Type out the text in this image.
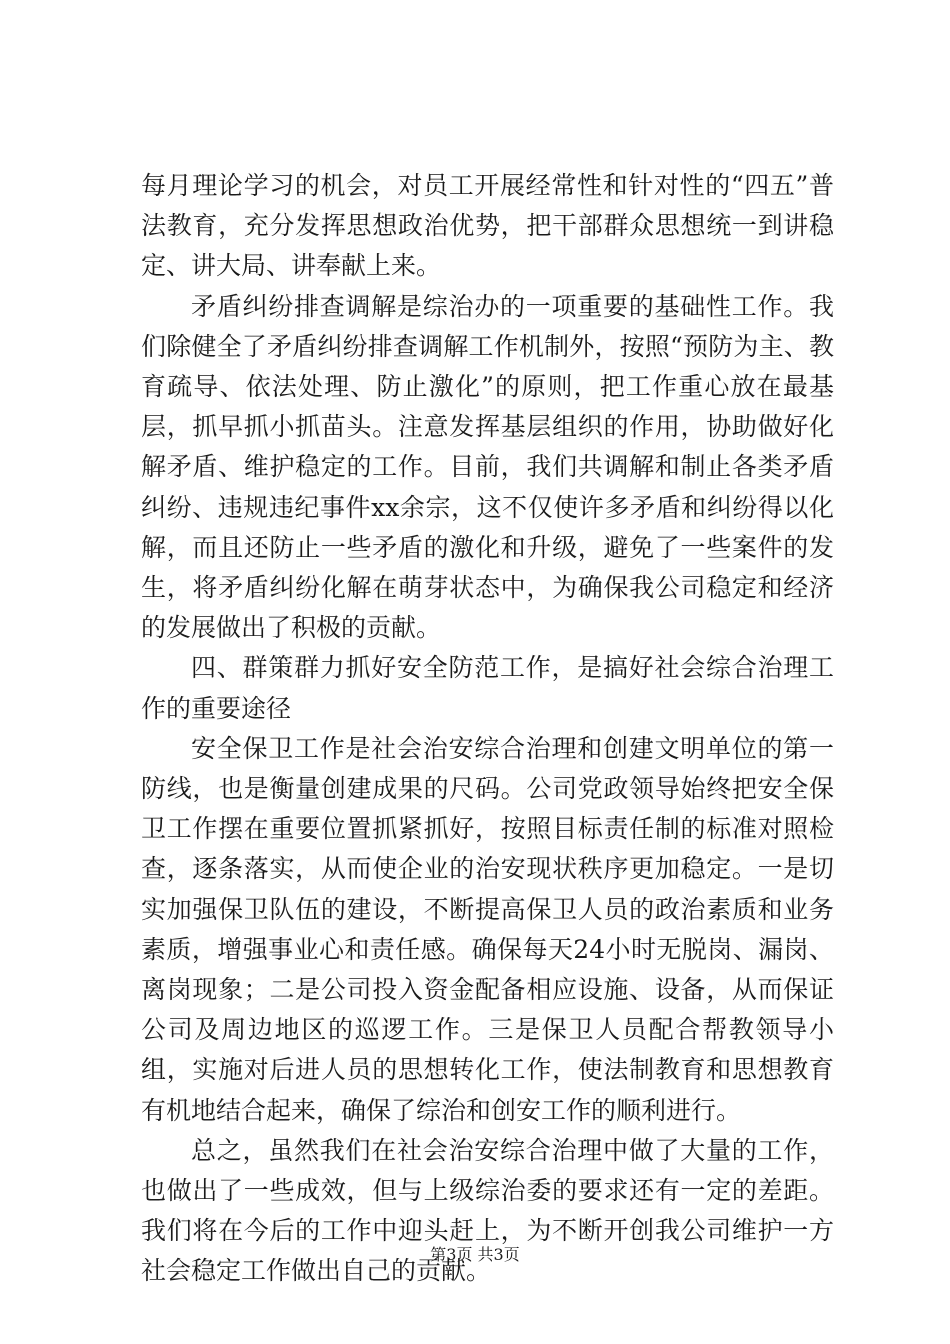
每月理论学习的机会，对员工开展经常性和针对性的“四五”普法教育，充分发挥思想政治优势，把干部群众思想统一到讲稳定、讲大局、讲奉献上来。

矛盾纠纷排查调解是综治办的一项重要的基础性工作。我们除健全了矛盾纠纷排查调解工作机制外，按照“预防为主、教育疏导、依法处理、防止激化”的原则，把工作重心放在最基层，抓早抓小抓苗头。注意发挥基层组织的作用，协助做好化解矛盾、维护稳定的工作。目前，我们共调解和制止各类矛盾纠纷、违规违纪事件xx余宗，这不仅使许多矛盾和纠纷得以化解，而且还防止一些矛盾的激化和升级，避免了一些案件的发生，将矛盾纠纷化解在萌芽状态中，为确保我公司稳定和经济的发展做出了积极的贡献。

四、群策群力抓好安全防范工作，是搞好社会综合治理工作的重要途径

安全保卫工作是社会治安综合治理和创建文明单位的第一防线，也是衡量创建成果的尺码。公司党政领导始终把安全保卫工作摆在重要位置抓紧抓好，按照目标责任制的标准对照检查，逐条落实，从而使企业的治安现状秩序更加稳定。一是切实加强保卫队伍的建设，不断提高保卫人员的政治素质和业务素质，增强事业心和责任感。确保每天24小时无脱岗、漏岗、离岗现象；二是公司投入资金配备相应设施、设备，从而保证公司及周边地区的巡逻工作。三是保卫人员配合帮教领导小组，实施对后进人员的思想转化工作，使法制教育和思想教育有机地结合起来，确保了综治和创安工作的顺利进行。

总之，虽然我们在社会治安综合治理中做了大量的工作，也做出了一些成效，但与上级综治委的要求还有一定的差距。我们将在今后的工作中迎头赶上，为不断开创我公司维护一方社会稳定工作做出自己的贡献。

第3页 共3页
